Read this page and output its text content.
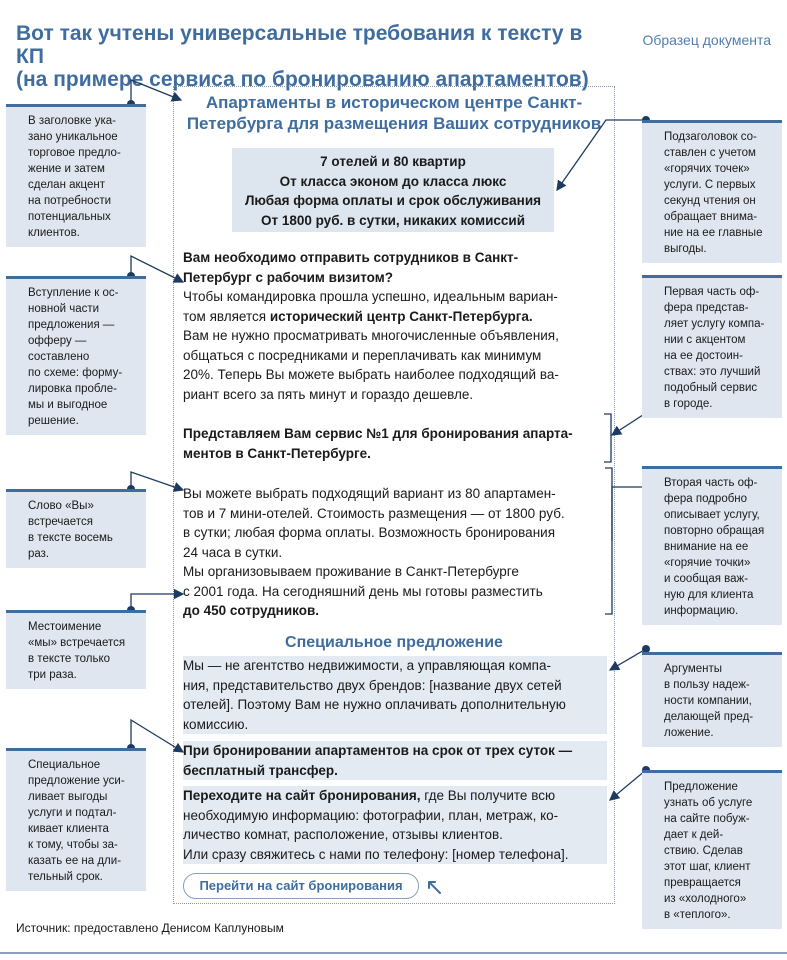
Вот так учтены универсальные требования к тексту в КП
(на примере сервиса по бронированию апартаментов)
Образец документа
Апартаменты в историческом центре Санкт-
Петербурга для размещения Ваших сотрудников
7 отелей и 80 квартир
От класса эконом до класса люкс
Любая форма оплаты и срок обслуживания
От 1800 руб. в сутки, никаких комиссий
Вам необходимо отправить сотрудников в Санкт-
Петербург с рабочим визитом?
Чтобы командировка прошла успешно, идеальным вариан-
том является исторический центр Санкт-Петербурга.
Вам не нужно просматривать многочисленные объявления,
общаться с посредниками и переплачивать как минимум
20%. Теперь Вы можете выбрать наиболее подходящий ва-
риант всего за пять минут и гораздо дешевле.
Представляем Вам сервис №1 для бронирования апарта-
ментов в Санкт-Петербурге.
Вы можете выбрать подходящий вариант из 80 апартамен-
тов и 7 мини-отелей. Стоимость размещения — от 1800 руб.
в сутки; любая форма оплаты. Возможность бронирования
24 часа в сутки.
Мы организовываем проживание в Санкт-Петербурге
с 2001 года. На сегодняшний день мы готовы разместить
до 450 сотрудников.
Специальное предложение
Мы — не агентство недвижимости, а управляющая компа-
ния, представительство двух брендов: [название двух сетей
отелей]. Поэтому Вам не нужно оплачивать дополнительную
комиссию.
При бронировании апартаментов на срок от трех суток —
бесплатный трансфер.
Переходите на сайт бронирования, где Вы получите всю
необходимую информацию: фотографии, план, метраж, ко-
личество комнат, расположение, отзывы клиентов.
Или сразу свяжитесь с нами по телефону: [номер телефона].
Перейти на сайт бронирования
В заголовке ука-
зано уникальное
торговое предло-
жение и затем
сделан акцент
на потребности
потенциальных
клиентов.
Вступление к ос-
новной части
предложения —
офферу —
составлено
по схеме: форму-
лировка пробле-
мы и выгодное
решение.
Слово «Вы»
встречается
в тексте восемь
раз.
Местоимение
«мы» встречается
в тексте только
три раза.
Специальное
предложение уси-
ливает выгоды
услуги и подтал-
кивает клиента
к тому, чтобы за-
казать ее на дли-
тельный срок.
Подзаголовок со-
ставлен с учетом
«горячих точек»
услуги. С первых
секунд чтения он
обращает внима-
ние на ее главные
выгоды.
Первая часть оф-
фера представ-
ляет услугу компа-
нии с акцентом
на ее достоин-
ствах: это лучший
подобный сервис
в городе.
Вторая часть оф-
фера подробно
описывает услугу,
повторно обращая
внимание на ее
«горячие точки»
и сообщая важ-
ную для клиента
информацию.
Аргументы
в пользу надеж-
ности компании,
делающей пред-
ложение.
Предложение
узнать об услуге
на сайте побуж-
дает к дей-
ствию. Сделав
этот шаг, клиент
превращается
из «холодного»
в «теплого».
Источник: предоставлено Денисом Каплуновым
